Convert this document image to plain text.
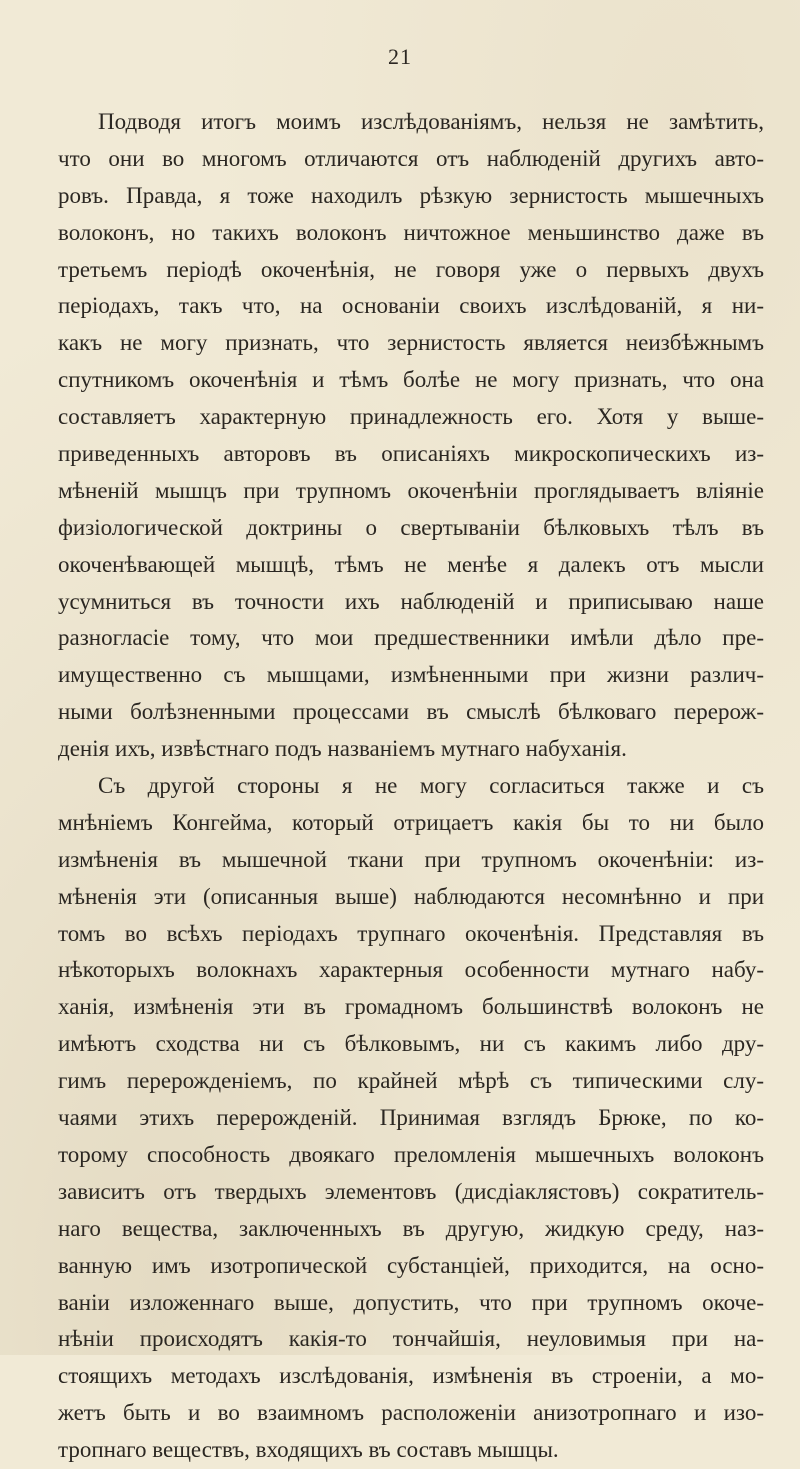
21
Подводя итогъ моимъ изслѣдованіямъ, нельзя не замѣтить,
что они во многомъ отличаются отъ наблюденій другихъ авто-
ровъ. Правда, я тоже находилъ рѣзкую зернистость мышечныхъ
волоконъ, но такихъ волоконъ ничтожное меньшинство даже въ
третьемъ періодѣ окоченѣнія, не говоря уже о первыхъ двухъ
періодахъ, такъ что, на основаніи своихъ изслѣдованій, я ни-
какъ не могу признать, что зернистость является неизбѣжнымъ
спутникомъ окоченѣнія и тѣмъ болѣе не могу признать, что она
составляетъ характерную принадлежность его. Хотя у выше-
приведенныхъ авторовъ въ описаніяхъ микроскопическихъ из-
мѣненій мышцъ при трупномъ окоченѣніи проглядываетъ вліяніе
физіологической доктрины о свертываніи бѣлковыхъ тѣлъ въ
окоченѣвающей мышцѣ, тѣмъ не менѣе я далекъ отъ мысли
усумниться въ точности ихъ наблюденій и приписываю наше
разногласіе тому, что мои предшественники имѣли дѣло пре-
имущественно съ мышцами, измѣненными при жизни различ-
ными болѣзненными процессами въ смыслѣ бѣлковаго перерож-
денія ихъ, извѣстнаго подъ названіемъ мутнаго набуханія.
Съ другой стороны я не могу согласиться также и съ
мнѣніемъ Конгейма, который отрицаетъ какія бы то ни было
измѣненія въ мышечной ткани при трупномъ окоченѣніи: из-
мѣненія эти (описанныя выше) наблюдаются несомнѣнно и при
томъ во всѣхъ періодахъ трупнаго окоченѣнія. Представляя въ
нѣкоторыхъ волокнахъ характерныя особенности мутнаго набу-
ханія, измѣненія эти въ громадномъ большинствѣ волоконъ не
имѣютъ сходства ни съ бѣлковымъ, ни съ какимъ либо дру-
гимъ перерожденіемъ, по крайней мѣрѣ съ типическими слу-
чаями этихъ перерожденій. Принимая взглядъ Брюке, по ко-
торому способность двоякаго преломленія мышечныхъ волоконъ
зависитъ отъ твердыхъ элементовъ (дисдіаклястовъ) сократитель-
наго вещества, заключенныхъ въ другую, жидкую среду, наз-
ванную имъ изотропической субстанціей, приходится, на осно-
ваніи изложеннаго выше, допустить, что при трупномъ окоче-
нѣніи происходятъ какія-то тончайшія, неуловимыя при на-
стоящихъ методахъ изслѣдованія, измѣненія въ строеніи, а мо-
жетъ быть и во взаимномъ расположеніи анизотропнаго и изо-
тропнаго веществъ, входящихъ въ составъ мышцы.
